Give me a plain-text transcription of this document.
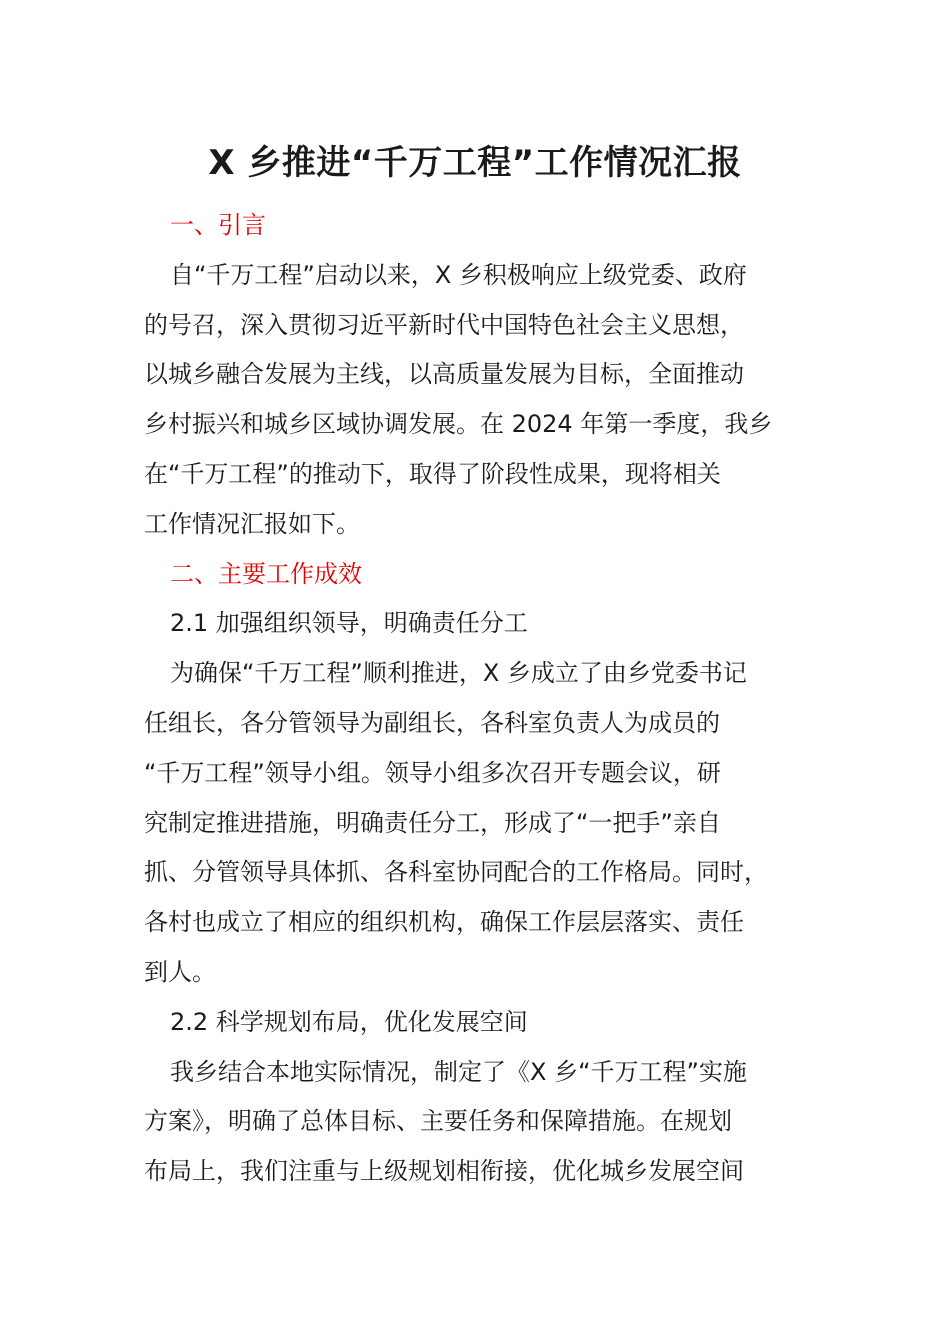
X 乡推进“千万工程”工作情况汇报
一、引言
自“千万工程”启动以来，X 乡积极响应上级党委、政府
的号召，深入贯彻习近平新时代中国特色社会主义思想，
以城乡融合发展为主线，以高质量发展为目标，全面推动
乡村振兴和城乡区域协调发展。在 2024 年第一季度，我乡
在“千万工程”的推动下，取得了阶段性成果，现将相关
工作情况汇报如下。
二、主要工作成效
2.1 加强组织领导，明确责任分工
为确保“千万工程”顺利推进，X 乡成立了由乡党委书记
任组长，各分管领导为副组长，各科室负责人为成员的
“千万工程”领导小组。领导小组多次召开专题会议，研
究制定推进措施，明确责任分工，形成了“一把手”亲自
抓、分管领导具体抓、各科室协同配合的工作格局。同时，
各村也成立了相应的组织机构，确保工作层层落实、责任
到人。
2.2 科学规划布局，优化发展空间
我乡结合本地实际情况，制定了《X 乡“千万工程”实施
方案》，明确了总体目标、主要任务和保障措施。在规划
布局上，我们注重与上级规划相衔接，优化城乡发展空间
